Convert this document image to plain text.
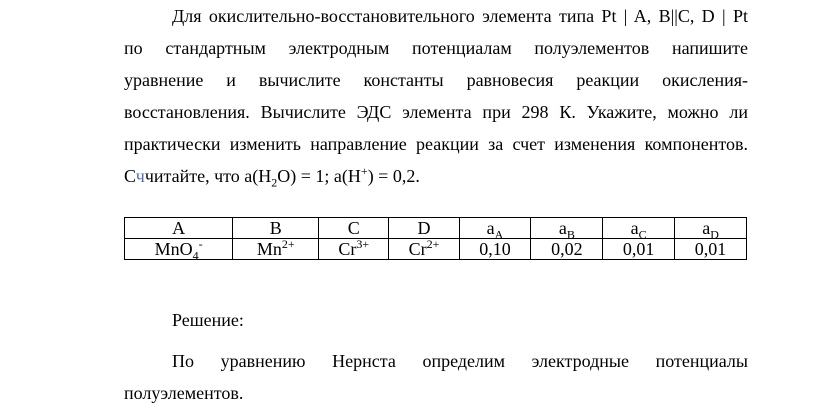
Для окислительно-восстановительного элемента типа Pt | A, B||C, D | Pt
по стандартным электродным потенциалам полуэлементов напишите
уравнение и вычислите константы равновесия реакции окисления-
восстановления. Вычислите ЭДС элемента при 298 К. Укажите, можно ли
практически изменить направление реакции за счет изменения компонентов.
Сччитайте, что $a(H_2O) = 1$; a(H+) = 0,2.
A	B	C	D	$a_A$	$a_B$	$a_C$	$a_D$
MnO$_4$-	$Mn^{2+}$	$Cr^{3+}$	$Cr^{2+}$	0,10	0,02	0,01	0,01

Решение:

По уравнению Нернста определим электродные потенциалы
полуэлементов.
